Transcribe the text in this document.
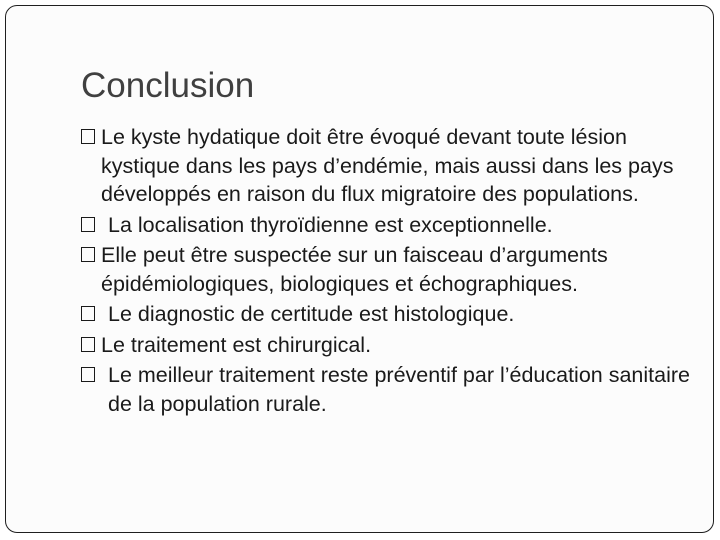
Conclusion
Le kyste hydatique doit être évoqué devant toute lésion kystique dans les pays d’endémie, mais aussi dans les pays développés en raison du flux migratoire des populations.
La localisation thyroïdienne est exceptionnelle.
Elle peut être suspectée sur un faisceau d’arguments épidémiologiques, biologiques et échographiques.
Le diagnostic de certitude est histologique.
Le traitement est chirurgical.
Le meilleur traitement reste préventif par l’éducation sanitaire de la population rurale.
